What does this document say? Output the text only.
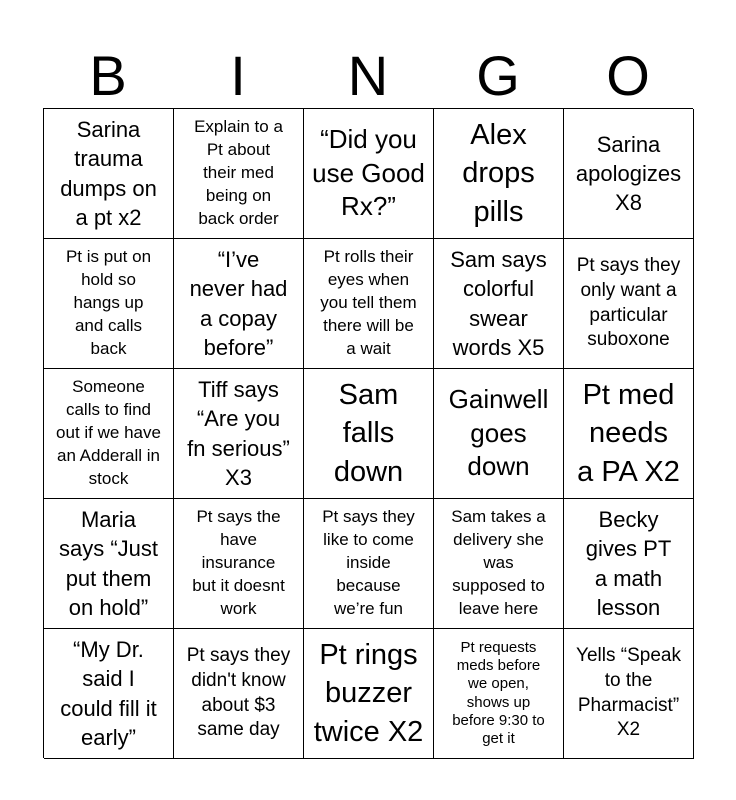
B	I	N	G	O
Sarina
trauma
dumps on
a pt x2
Explain to a
Pt about
their med
being on
back order
“Did you
use Good
Rx?”
Alex
drops
pills
Sarina
apologizes
X8
Pt is put on
hold so
hangs up
and calls
back
“I’ve
never had
a copay
before”
Pt rolls their
eyes when
you tell them
there will be
a wait
Sam says
colorful
swear
words X5
Pt says they
only want a
particular
suboxone
Someone
calls to find
out if we have
an Adderall in
stock
Tiff says
“Are you
fn serious”
X3
Sam
falls
down
Gainwell
goes
down
Pt med
needs
a PA X2
Maria
says “Just
put them
on hold”
Pt says the
have
insurance
but it doesnt
work
Pt says they
like to come
inside
because
we’re fun
Sam takes a
delivery she
was
supposed to
leave here
Becky
gives PT
a math
lesson
“My Dr.
said I
could fill it
early”
Pt says they
didn't know
about $3
same day
Pt rings
buzzer
twice X2
Pt requests
meds before
we open,
shows up
before 9:30 to
get it
Yells “Speak
to the
Pharmacist”
X2
